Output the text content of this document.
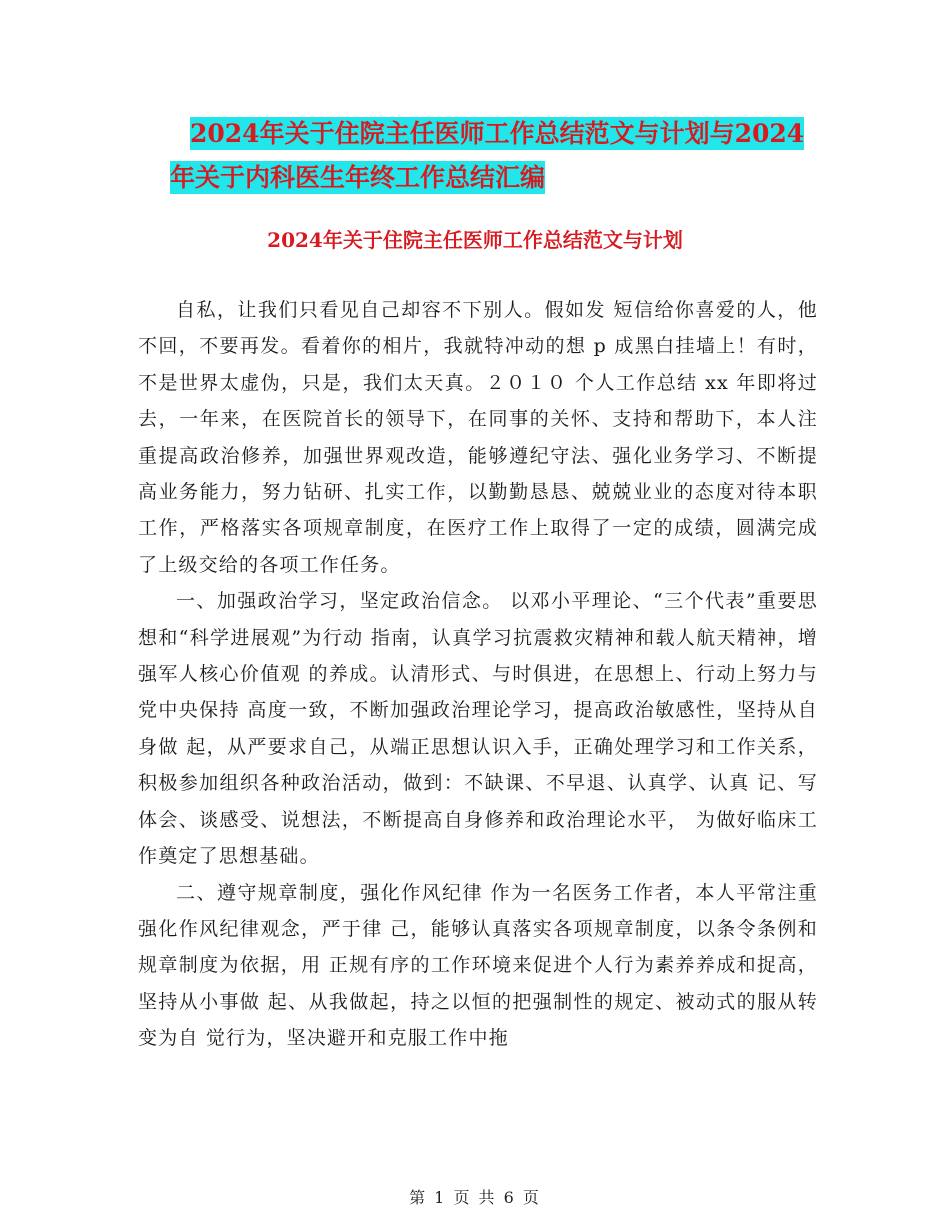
2024年关于住院主任医师工作总结范文与计划与2024
年关于内科医生年终工作总结汇编
2024年关于住院主任医师工作总结范文与计划

自私，让我们只看见自己却容不下别人。假如发 短信给你喜爱的人，他不回，不要再发。看着你的相片，我就特冲动的想 p 成黑白挂墙上！有时，不是世界太虚伪，只是，我们太天真。２０１０ 个人工作总结 xx 年即将过去，一年来，在医院首长的领导下，在同事的关怀、支持和帮助下，本人注重提高政治修养，加强世界观改造，能够遵纪守法、强化业务学习、不断提高业务能力，努力钻研、扎实工作，以勤勤恳恳、兢兢业业的态度对待本职工作，严格落实各项规章制度，在医疗工作上取得了一定的成绩，圆满完成了上级交给的各项工作任务。

一、加强政治学习，坚定政治信念。 以邓小平理论、“三个代表”重要思想和“科学进展观”为行动 指南，认真学习抗震救灾精神和载人航天精神，增强军人核心价值观 的养成。认清形式、与时俱进，在思想上、行动上努力与党中央保持 高度一致，不断加强政治理论学习，提高政治敏感性，坚持从自身做 起，从严要求自己，从端正思想认识入手，正确处理学习和工作关系， 积极参加组织各种政治活动，做到：不缺课、不早退、认真学、认真 记、写体会、谈感受、说想法，不断提高自身修养和政治理论水平， 为做好临床工作奠定了思想基础。

二、遵守规章制度，强化作风纪律 作为一名医务工作者，本人平常注重强化作风纪律观念，严于律 己，能够认真落实各项规章制度，以条令条例和规章制度为依据，用 正规有序的工作环境来促进个人行为素养养成和捉高，坚持从小事做 起、从我做起，持之以恒的把强制性的规定、被动式的服从转变为自 觉行为，坚决避开和克服工作中拖

第 1 页 共 6 页
